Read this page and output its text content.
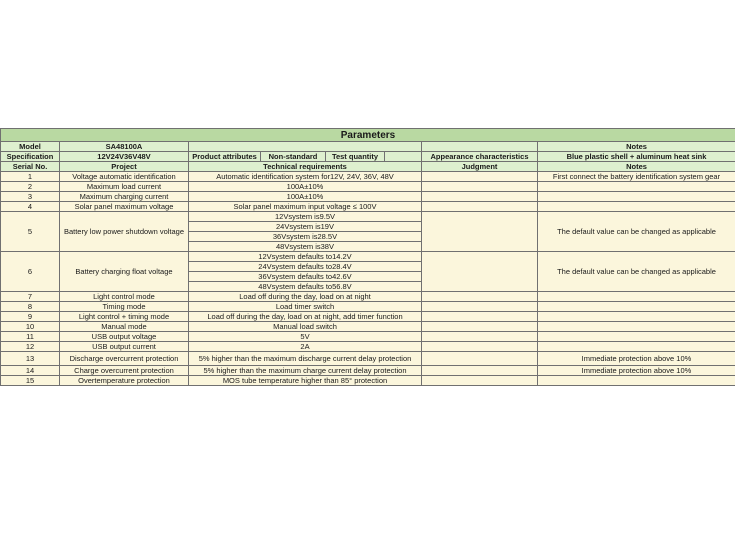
Parameters							
Model	SA48100A						Notes
Specification	12V24V36V48V	Product attributes	Non-standard	Test quantity		Appearance characteristics	Blue plastic shell + aluminum heat sink
Serial No.	Project	Technical requirements				Judgment	Notes
1	Voltage automatic identification	Automatic identification system for12V, 24V, 36V, 48V					First connect the battery identification system gear
2	Maximum load current	100A±10%					
3	Maximum charging current	100A±10%					
4	Solar panel maximum voltage	Solar panel maximum input voltage ≤ 100V					
5	Battery low power shutdown voltage	12Vsystem is9.5V					The default value can be changed as applicable
		24Vsystem is19V					
		36Vsystem is28.5V					
		48Vsystem is38V					
6	Battery charging float voltage	12Vsystem defaults to14.2V					The default value can be changed as applicable
		24Vsystem defaults to28.4V					
		36Vsystem defaults to42.6V					
		48Vsystem defaults to56.8V					
7	Light control mode	Load off during the day, load on at night					
8	Timing mode	Load timer switch					
9	Light control + timing mode	Load off during the day, load on at night, add timer function					
10	Manual mode	Manual load switch					
11	USB output voltage	5V					
12	USB output current	2A					
13	Discharge overcurrent protection	5% higher than the maximum discharge current delay protection					Immediate protection above 10%
14	Charge overcurrent protection	5% higher than the maximum charge current delay protection					Immediate protection above 10%
15	Overtemperature protection	MOS tube temperature higher than 85° protection					
